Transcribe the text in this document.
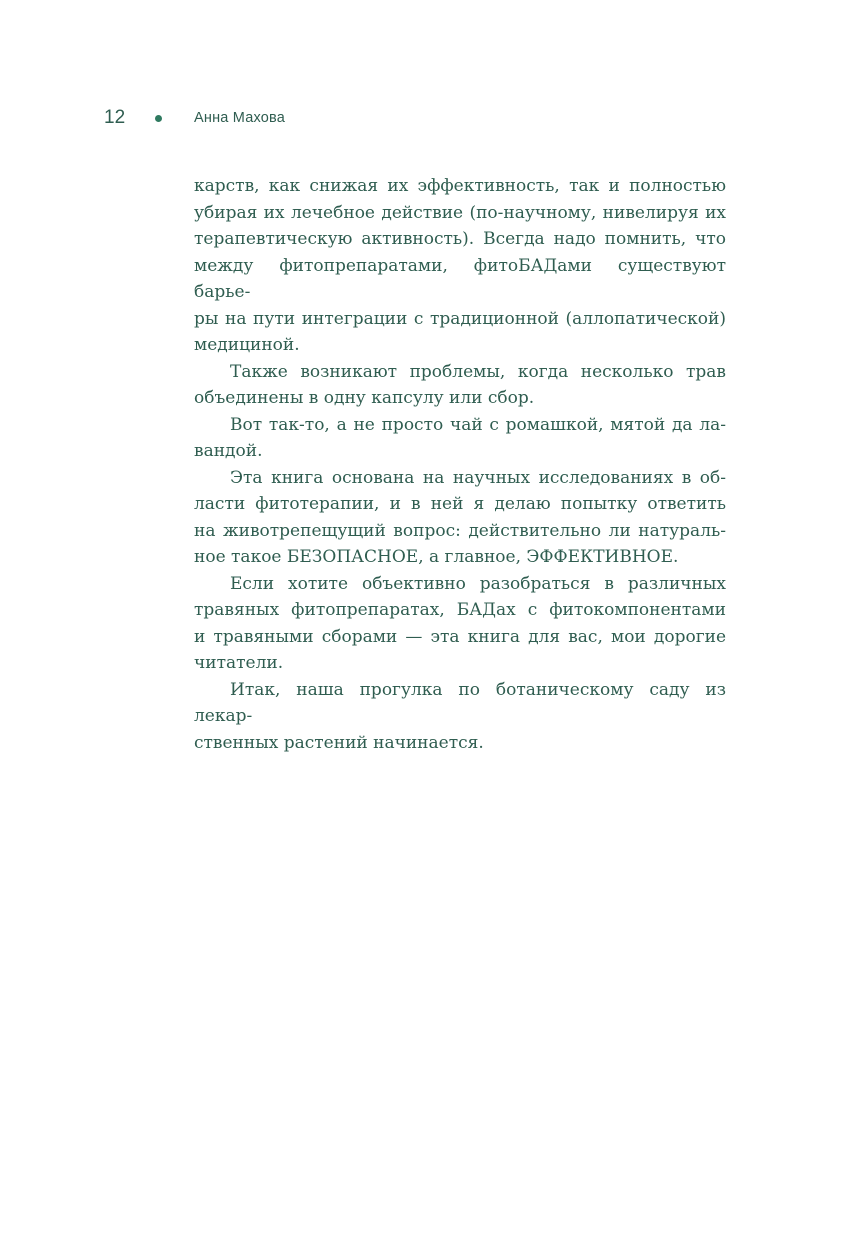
12	Анна Махова

карств, как снижая их эффективность, так и полностью
убирая их лечебное действие (по-научному, нивелируя их
терапевтическую активность). Всегда надо помнить, что
между фитопрепаратами, фитоБАДами существуют барье-
ры на пути интеграции с традиционной (аллопатической)
медициной.

Также возникают проблемы, когда несколько трав
объединены в одну капсулу или сбор.

Вот так-то, а не просто чай с ромашкой, мятой да ла-
вандой.

Эта книга основана на научных исследованиях в об-
ласти фитотерапии, и в ней я делаю попытку ответить
на животрепещущий вопрос: действительно ли натураль-
ное такое БЕЗОПАСНОЕ, а главное, ЭФФЕКТИВНОЕ.

Если хотите объективно разобраться в различных
травяных фитопрепаратах, БАДах с фитокомпонентами
и травяными сборами — эта книга для вас, мои дорогие
читатели.

Итак, наша прогулка по ботаническому саду из лекар-
ственных растений начинается.
